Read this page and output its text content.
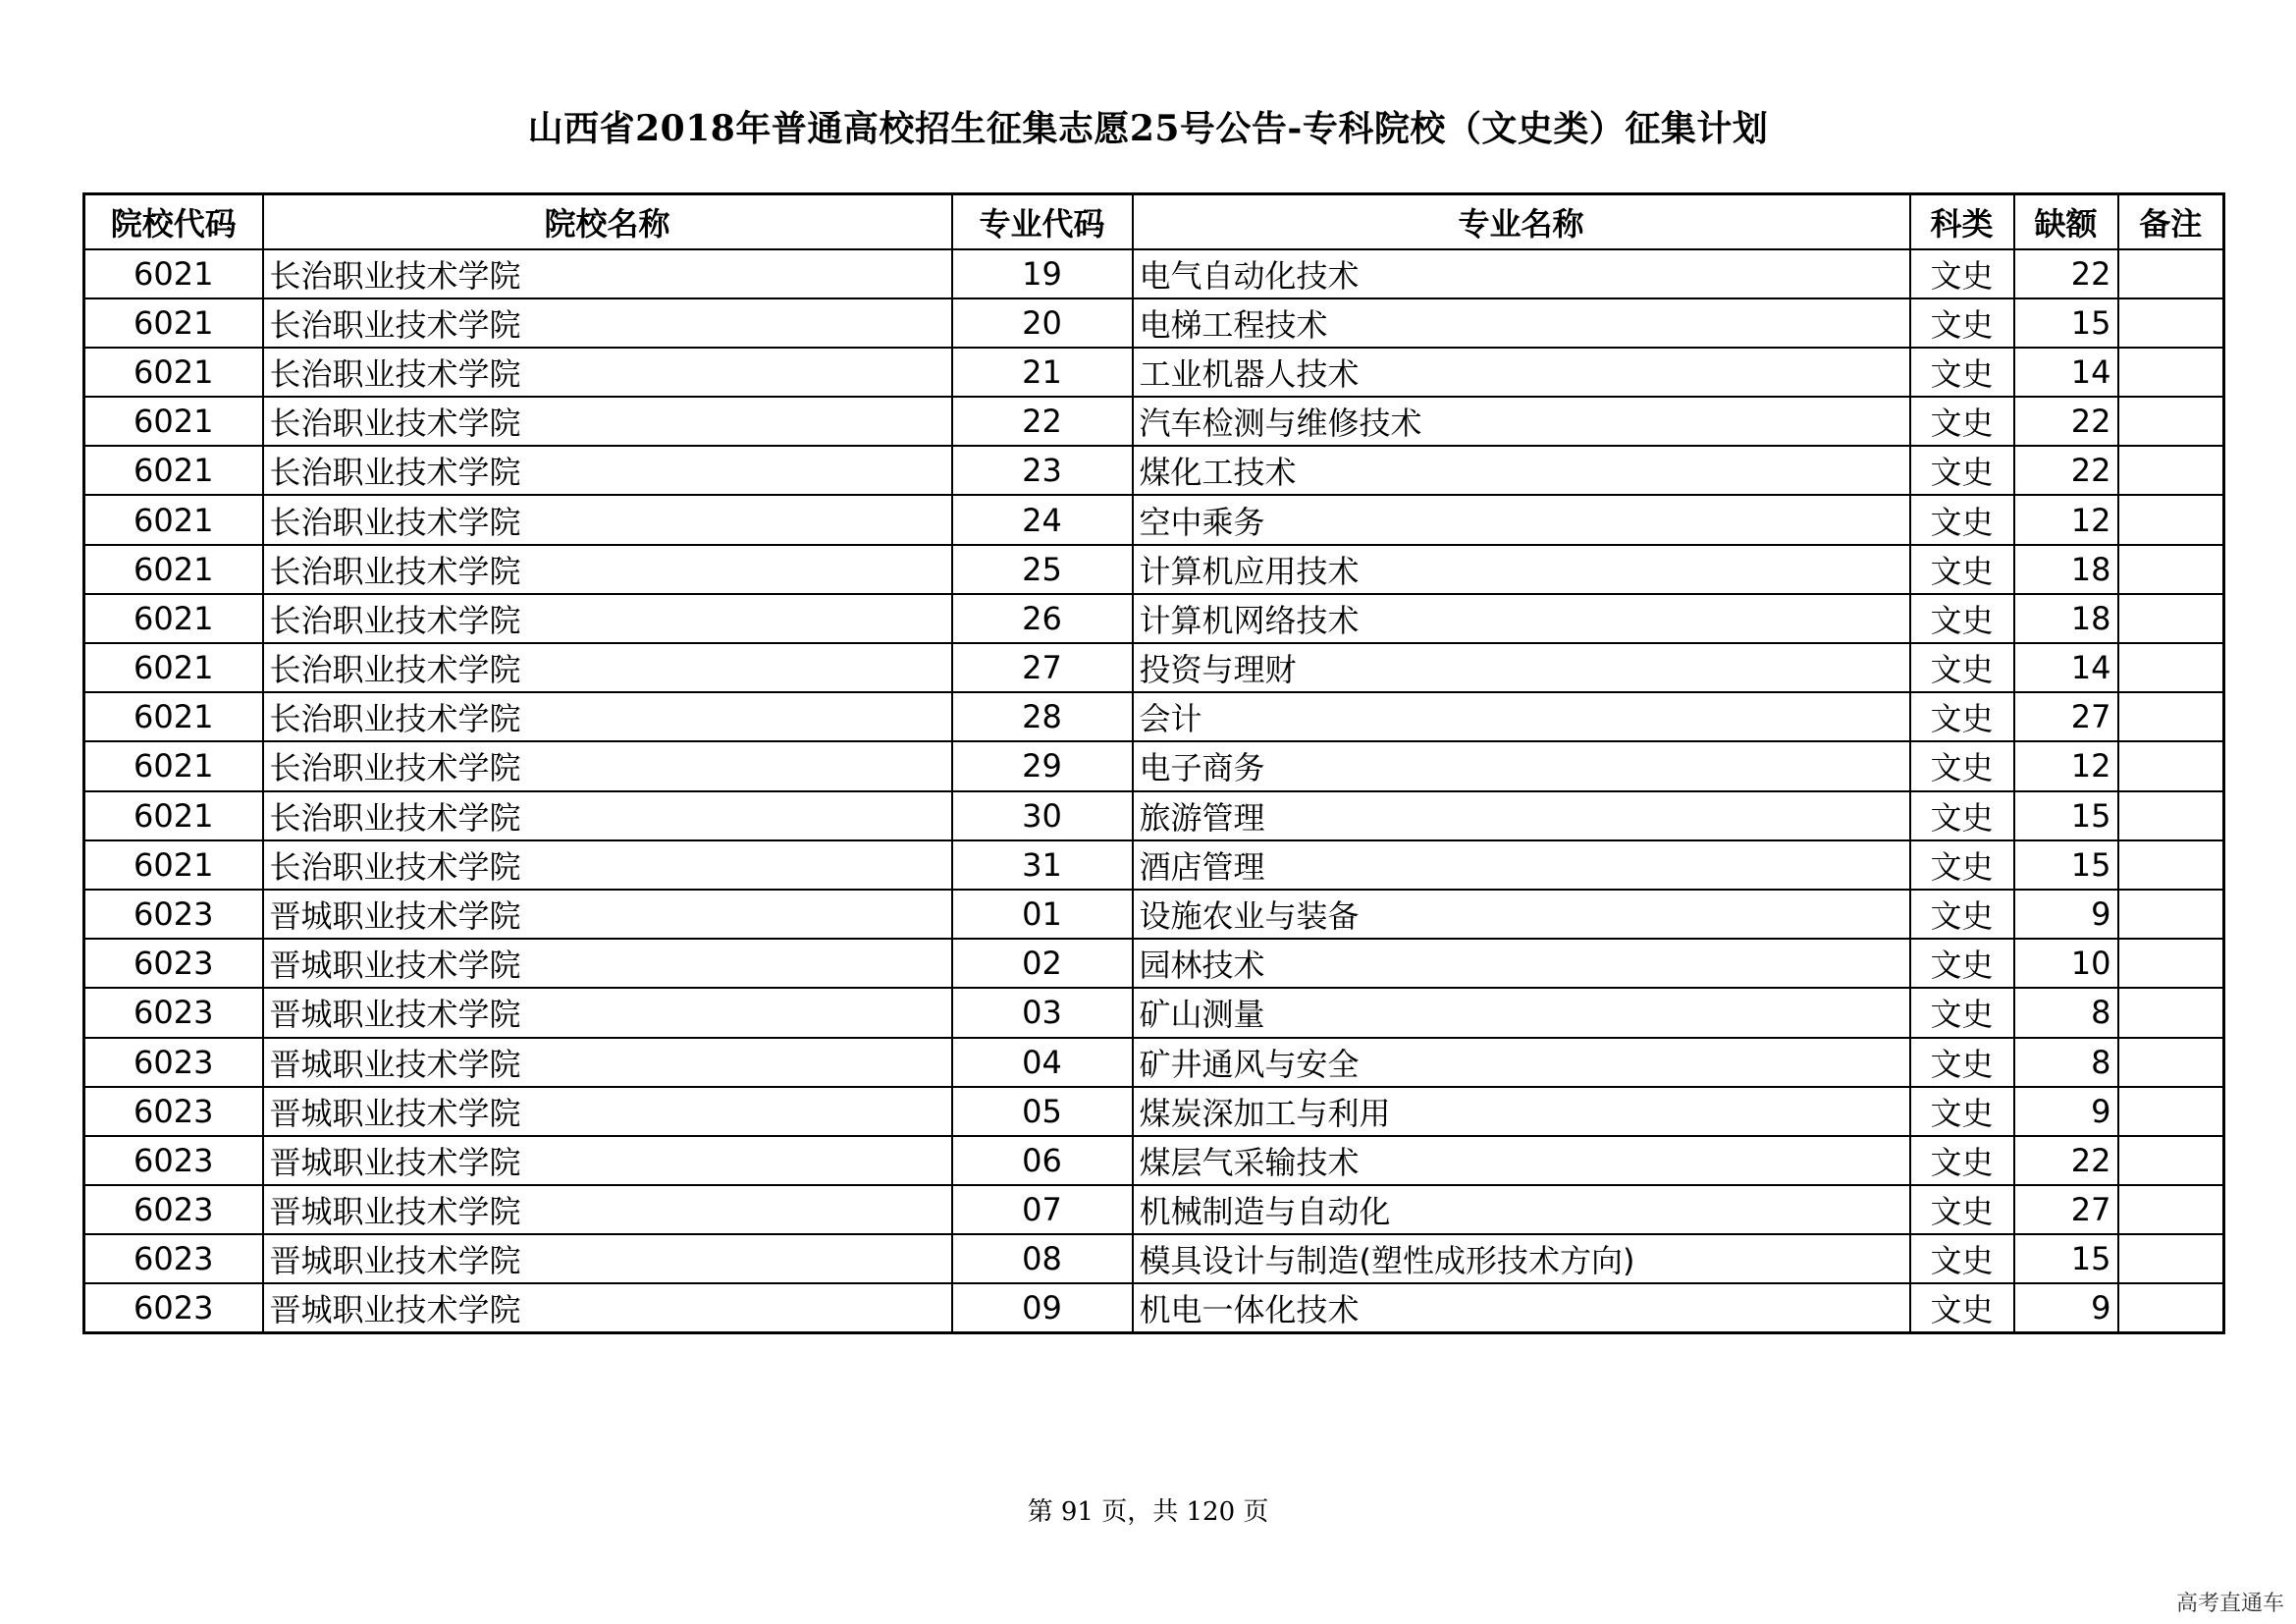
山西省2018年普通高校招生征集志愿25号公告-专科院校（文史类）征集计划
院校代码	院校名称	专业代码	专业名称	科类	缺额	备注
6021	长治职业技术学院	19	电气自动化技术	文史	22	
6021	长治职业技术学院	20	电梯工程技术	文史	15	
6021	长治职业技术学院	21	工业机器人技术	文史	14	
6021	长治职业技术学院	22	汽车检测与维修技术	文史	22	
6021	长治职业技术学院	23	煤化工技术	文史	22	
6021	长治职业技术学院	24	空中乘务	文史	12	
6021	长治职业技术学院	25	计算机应用技术	文史	18	
6021	长治职业技术学院	26	计算机网络技术	文史	18	
6021	长治职业技术学院	27	投资与理财	文史	14	
6021	长治职业技术学院	28	会计	文史	27	
6021	长治职业技术学院	29	电子商务	文史	12	
6021	长治职业技术学院	30	旅游管理	文史	15	
6021	长治职业技术学院	31	酒店管理	文史	15	
6023	晋城职业技术学院	01	设施农业与装备	文史	9	
6023	晋城职业技术学院	02	园林技术	文史	10	
6023	晋城职业技术学院	03	矿山测量	文史	8	
6023	晋城职业技术学院	04	矿井通风与安全	文史	8	
6023	晋城职业技术学院	05	煤炭深加工与利用	文史	9	
6023	晋城职业技术学院	06	煤层气采输技术	文史	22	
6023	晋城职业技术学院	07	机械制造与自动化	文史	27	
6023	晋城职业技术学院	08	模具设计与制造(塑性成形技术方向)	文史	15	
6023	晋城职业技术学院	09	机电一体化技术	文史	9	
第 91 页，共 120 页
高考直通车
